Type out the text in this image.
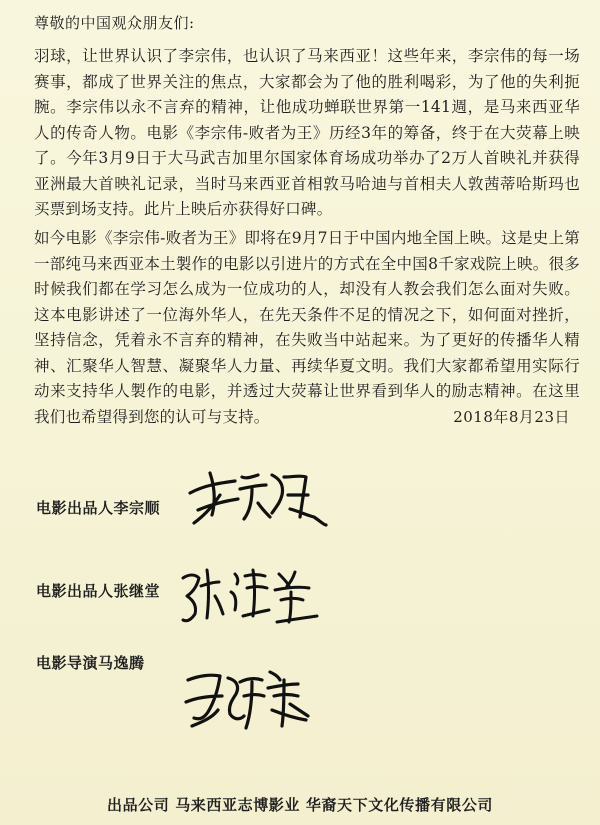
尊敬的中国观众朋友们:

羽球，让世界认识了李宗伟，也认识了马来西亚！这些年来，李宗伟的每一场赛事，都成了世界关注的焦点，大家都会为了他的胜利喝彩，为了他的失利扼腕。李宗伟以永不言弃的精神，让他成功蝉联世界第一141週，是马来西亚华人的传奇人物。电影《李宗伟-败者为王》历经3年的筹备，终于在大荧幕上映了。今年3月9日于大马武吉加里尔国家体育场成功举办了2万人首映礼并获得亚洲最大首映礼记录，当时马来西亚首相敦马哈迪与首相夫人敦茜蒂哈斯玛也买票到场支持。此片上映后亦获得好口碑。

如今电影《李宗伟-败者为王》即将在9月7日于中国内地全国上映。这是史上第一部纯马来西亚本土製作的电影以引进片的方式在全中国8千家戏院上映。很多时候我们都在学习怎么成为一位成功的人，却没有人教会我们怎么面对失败。这本电影讲述了一位海外华人，在先天条件不足的情况之下，如何面对挫折，坚持信念，凭着永不言弃的精神，在失败当中站起来。为了更好的传播华人精神、汇聚华人智慧、凝聚华人力量、再续华夏文明。我们大家都希望用实际行动来支持华人製作的电影，并透过大荧幕让世界看到华人的励志精神。在这里我们也希望得到您的认可与支持。	2018年8月23日
电影出品人李宗顺
电影出品人张继堂
电影导演马逸腾
出品公司 马来西亚志博影业 华裔天下文化传播有限公司
